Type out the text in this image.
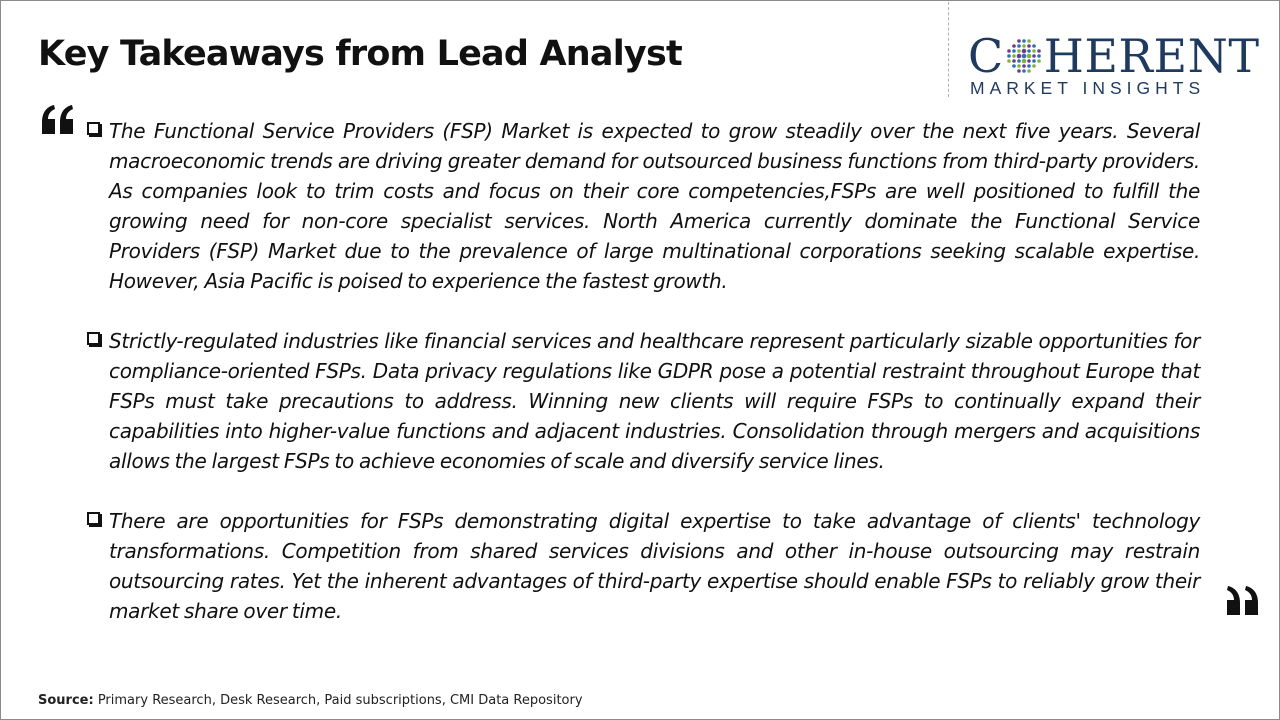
Key Takeaways from Lead Analyst	C HERENT
MARKET INSIGHTS
The Functional Service Providers (FSP) Market is expected to grow steadily over the next five years. Several macroeconomic trends are driving greater demand for outsourced business functions from third-party providers. As companies look to trim costs and focus on their core competencies,FSPs are well positioned to fulfill the growing need for non-core specialist services. North America currently dominate the Functional Service Providers (FSP) Market due to the prevalence of large multinational corporations seeking scalable expertise. However, Asia Pacific is poised to experience the fastest growth.
Strictly-regulated industries like financial services and healthcare represent particularly sizable opportunities for compliance-oriented FSPs. Data privacy regulations like GDPR pose a potential restraint throughout Europe that FSPs must take precautions to address. Winning new clients will require FSPs to continually expand their capabilities into higher-value functions and adjacent industries. Consolidation through mergers and acquisitions allows the largest FSPs to achieve economies of scale and diversify service lines.
There are opportunities for FSPs demonstrating digital expertise to take advantage of clients' technology transformations. Competition from shared services divisions and other in-house outsourcing may restrain outsourcing rates. Yet the inherent advantages of third-party expertise should enable FSPs to reliably grow their market share over time.
Source: Primary Research, Desk Research, Paid subscriptions, CMI Data Repository
